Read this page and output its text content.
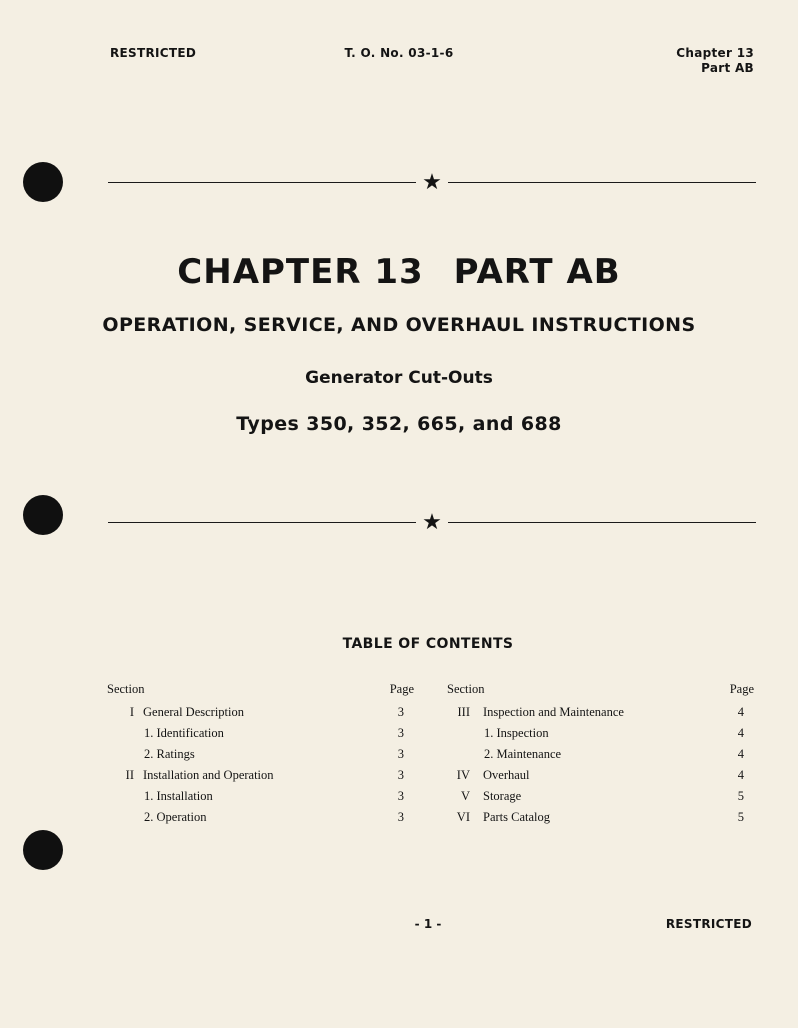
RESTRICTED	T. O. No. 03-1-6	Chapter 13
Part AB
★
CHAPTER 13 PART AB
OPERATION, SERVICE, AND OVERHAUL INSTRUCTIONS
Generator Cut-Outs
Types 350, 352, 665, and 688
★
TABLE OF CONTENTS
Section	Page
I General Description	3
1. Identification	3
2. Ratings	3
II Installation and Operation	3
1. Installation	3
2. Operation	3
Section	Page
III Inspection and Maintenance	4
1. Inspection	4
2. Maintenance	4
IV Overhaul	4
V Storage	5
VI Parts Catalog	5
- 1 -	RESTRICTED
